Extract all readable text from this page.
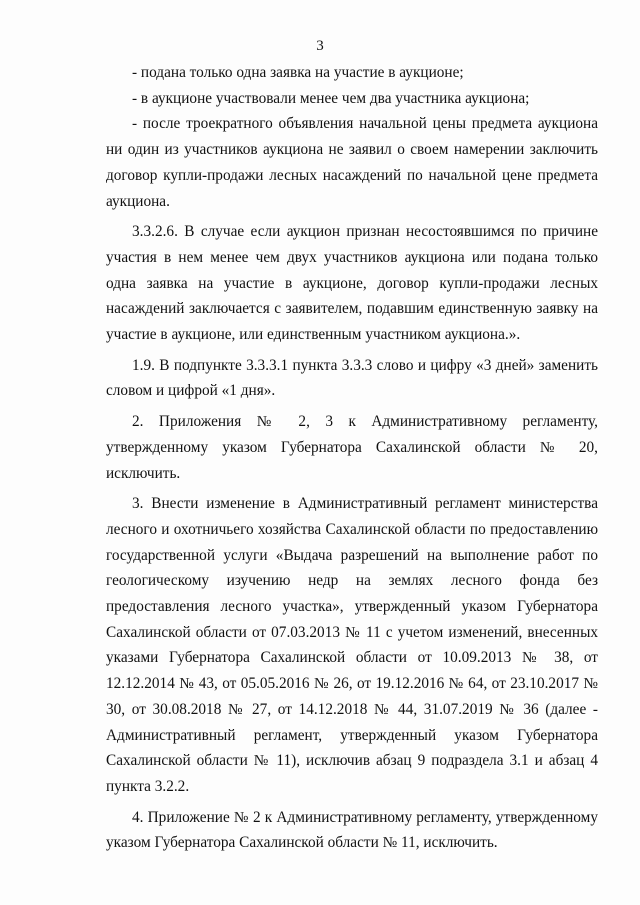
3

- подана только одна заявка на участие в аукционе;

- в аукционе участвовали менее чем два участника аукциона;

- после троекратного объявления начальной цены предмета аукциона ни один из участников аукциона не заявил о своем намерении заключить договор купли-продажи лесных насаждений по начальной цене предмета аукциона.

3.3.2.6. В случае если аукцион признан несостоявшимся по причине участия в нем менее чем двух участников аукциона или подана только одна заявка на участие в аукционе, договор купли-продажи лесных насаждений заключается с заявителем, подавшим единственную заявку на участие в аукционе, или единственным участником аукциона.».

1.9. В подпункте 3.3.3.1 пункта 3.3.3 слово и цифру «3 дней» заменить словом и цифрой «1 дня».

2. Приложения № 2, 3 к Административному регламенту, утвержденному указом Губернатора Сахалинской области № 20, исключить.

3. Внести изменение в Административный регламент министерства лесного и охотничьего хозяйства Сахалинской области по предоставлению государственной услуги «Выдача разрешений на выполнение работ по геологическому изучению недр на землях лесного фонда без предоставления лесного участка», утвержденный указом Губернатора Сахалинской области от 07.03.2013 № 11 с учетом изменений, внесенных указами Губернатора Сахалинской области от 10.09.2013 № 38, от 12.12.2014 № 43, от 05.05.2016 № 26, от 19.12.2016 № 64, от 23.10.2017 № 30, от 30.08.2018 № 27, от 14.12.2018 № 44, 31.07.2019 № 36 (далее - Административный регламент, утвержденный указом Губернатора Сахалинской области № 11), исключив абзац 9 подраздела 3.1 и абзац 4 пункта 3.2.2.

4. Приложение № 2 к Административному регламенту, утвержденному указом Губернатора Сахалинской области № 11, исключить.
